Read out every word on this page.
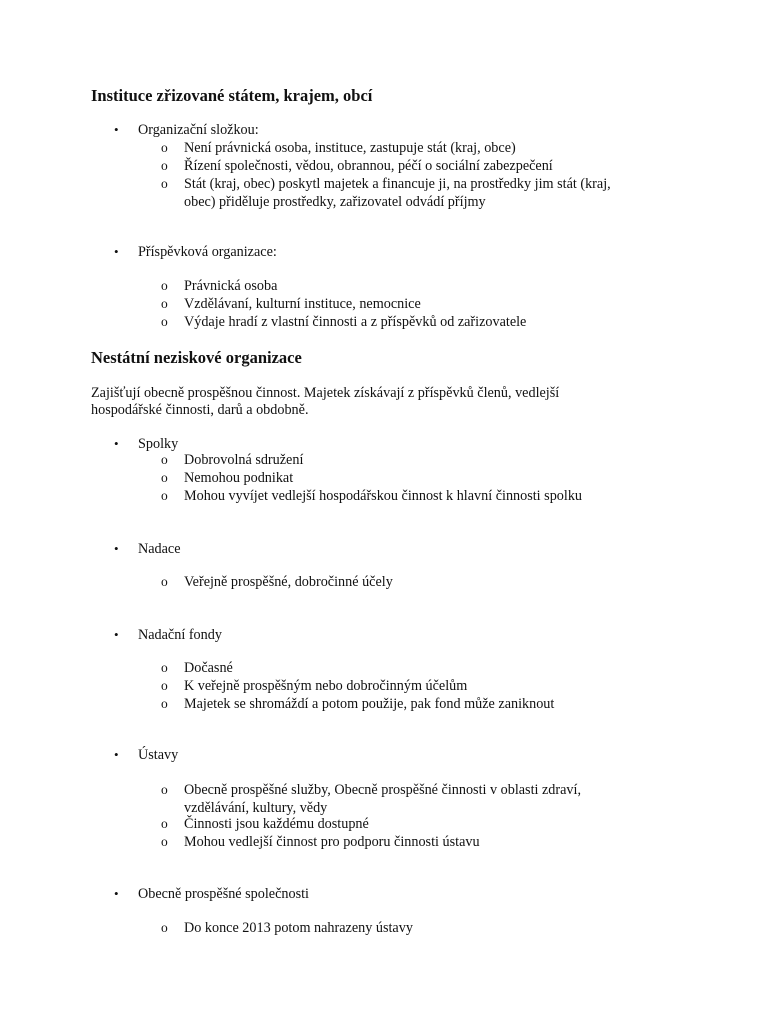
Instituce zřizované státem, krajem, obcí
• Organizační složkou:
o Není právnická osoba, instituce, zastupuje stát (kraj, obce)
o Řízení společnosti, vědou, obrannou, péčí o sociální zabezpečení
o Stát (kraj, obec) poskytl majetek a financuje ji, na prostředky jim stát (kraj,
obec) přiděluje prostředky, zařizovatel odvádí příjmy
• Příspěvková organizace:
o Právnická osoba
o Vzdělávaní, kulturní instituce, nemocnice
o Výdaje hradí z vlastní činnosti a z příspěvků od zařizovatele
Nestátní neziskové organizace
Zajišťují obecně prospěšnou činnost. Majetek získávají z příspěvků členů, vedlejší
hospodářské činnosti, darů a obdobně.
• Spolky
o Dobrovolná sdružení
o Nemohou podnikat
o Mohou vyvíjet vedlejší hospodářskou činnost k hlavní činnosti spolku
• Nadace
o Veřejně prospěšné, dobročinné účely
• Nadační fondy
o Dočasné
o K veřejně prospěšným nebo dobročinným účelům
o Majetek se shromáždí a potom použije, pak fond může zaniknout
• Ústavy
o Obecně prospěšné služby, Obecně prospěšné činnosti v oblasti zdraví,
vzdělávání, kultury, vědy
o Činnosti jsou každému dostupné
o Mohou vedlejší činnost pro podporu činnosti ústavu
• Obecně prospěšné společnosti
o Do konce 2013 potom nahrazeny ústavy
